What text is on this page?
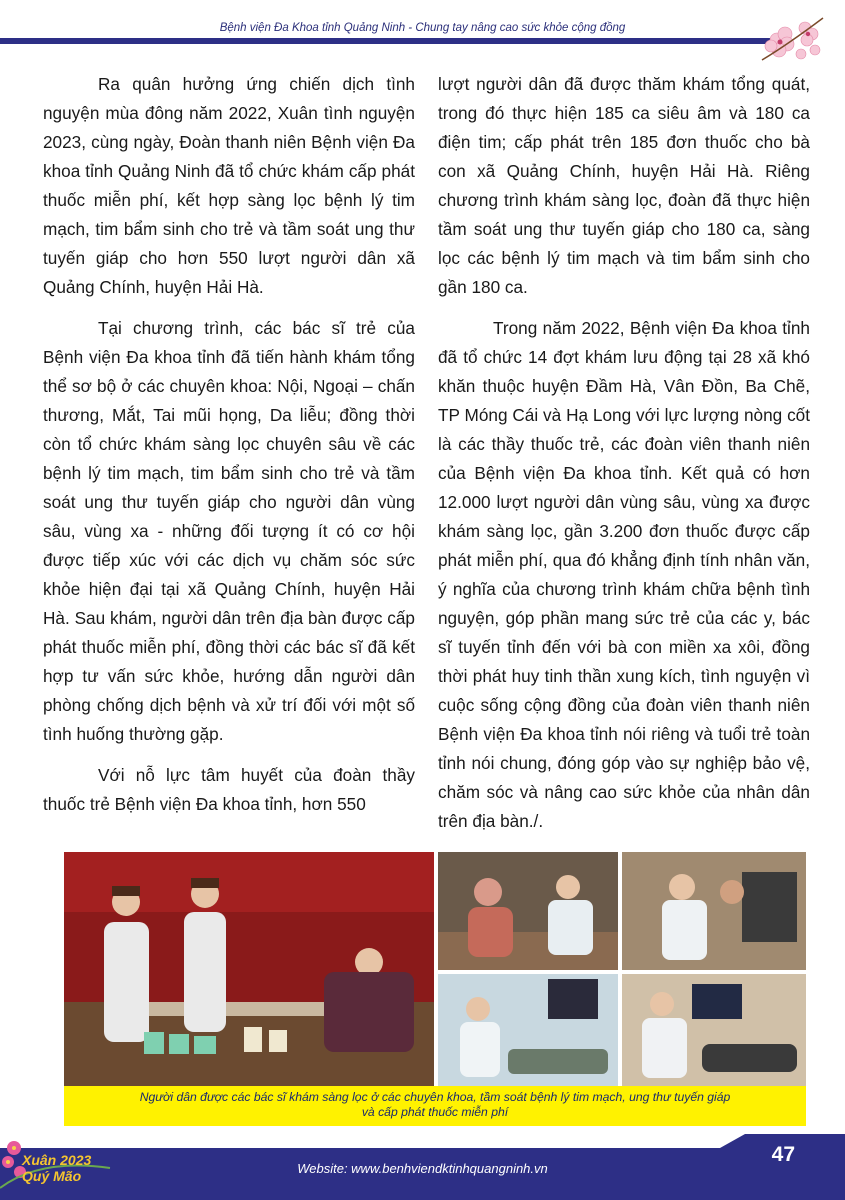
Bệnh viện Đa Khoa tỉnh Quảng Ninh - Chung tay nâng cao sức khỏe cộng đồng

Ra quân hưởng ứng chiến dịch tình nguyện mùa đông năm 2022, Xuân tình nguyện 2023, cùng ngày, Đoàn thanh niên Bệnh viện Đa khoa tỉnh Quảng Ninh đã tổ chức khám cấp phát thuốc miễn phí, kết hợp sàng lọc bệnh lý tim mạch, tim bẩm sinh cho trẻ và tầm soát ung thư tuyến giáp cho hơn 550 lượt người dân xã Quảng Chính, huyện Hải Hà.

Tại chương trình, các bác sĩ trẻ của Bệnh viện Đa khoa tỉnh đã tiến hành khám tổng thể sơ bộ ở các chuyên khoa: Nội, Ngoại – chấn thương, Mắt, Tai mũi họng, Da liễu; đồng thời còn tổ chức khám sàng lọc chuyên sâu về các bệnh lý tim mạch, tim bẩm sinh cho trẻ và tầm soát ung thư tuyến giáp cho người dân vùng sâu, vùng xa - những đối tượng ít có cơ hội được tiếp xúc với các dịch vụ chăm sóc sức khỏe hiện đại tại xã Quảng Chính, huyện Hải Hà. Sau khám, người dân trên địa bàn được cấp phát thuốc miễn phí, đồng thời các bác sĩ đã kết hợp tư vấn sức khỏe, hướng dẫn người dân phòng chống dịch bệnh và xử trí đối với một số tình huống thường gặp.

Với nỗ lực tâm huyết của đoàn thầy thuốc trẻ Bệnh viện Đa khoa tỉnh, hơn 550

lượt người dân đã được thăm khám tổng quát, trong đó thực hiện 185 ca siêu âm và 180 ca điện tim; cấp phát trên 185 đơn thuốc cho bà con xã Quảng Chính, huyện Hải Hà. Riêng chương trình khám sàng lọc, đoàn đã thực hiện tầm soát ung thư tuyến giáp cho 180 ca, sàng lọc các bệnh lý tim mạch và tim bẩm sinh cho gần 180 ca.

Trong năm 2022, Bệnh viện Đa khoa tỉnh đã tổ chức 14 đợt khám lưu động tại 28 xã khó khăn thuộc huyện Đầm Hà, Vân Đồn, Ba Chẽ, TP Móng Cái và Hạ Long với lực lượng nòng cốt là các thầy thuốc trẻ, các đoàn viên thanh niên của Bệnh viện Đa khoa tỉnh. Kết quả có hơn 12.000 lượt người dân vùng sâu, vùng xa được khám sàng lọc, gần 3.200 đơn thuốc được cấp phát miễn phí, qua đó khẳng định tính nhân văn, ý nghĩa của chương trình khám chữa bệnh tình nguyện, góp phần mang sức trẻ của các y, bác sĩ tuyến tỉnh đến với bà con miền xa xôi, đồng thời phát huy tinh thần xung kích, tình nguyện vì cuộc sống cộng đồng của đoàn viên thanh niên Bệnh viện Đa khoa tỉnh nói riêng và tuổi trẻ toàn tỉnh nói chung, đóng góp vào sự nghiệp bảo vệ, chăm sóc và nâng cao sức khỏe của nhân dân trên địa bàn./.

Người dân được các bác sĩ khám sàng lọc ở các chuyên khoa, tầm soát bệnh lý tim mạch, ung thư tuyến giáp
và cấp phát thuốc miễn phí
Xuân 2023
Quý Mão	Website: www.benhviendktinhquangninh.vn
47
